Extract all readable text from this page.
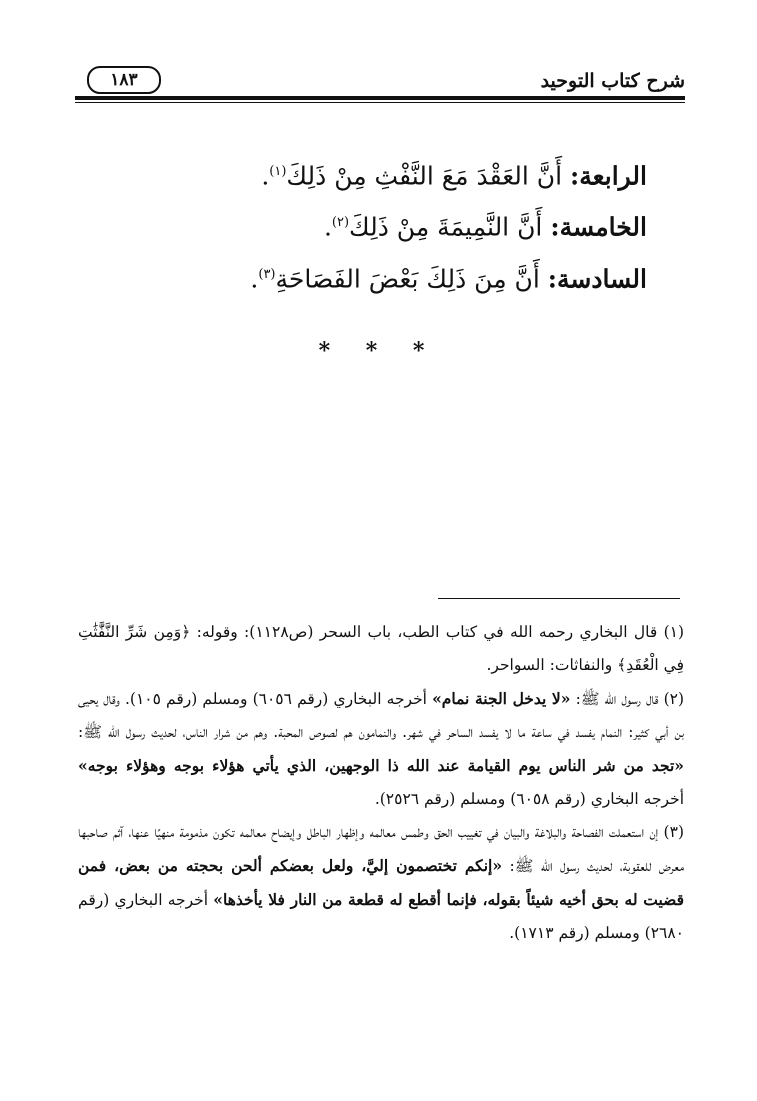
شرح كتاب التوحيد
١٨٣
الرابعة: أَنَّ العَقْدَ مَعَ النَّفْثِ مِنْ ذَلِكَ$^{(١)}$.
الخامسة: أَنَّ النَّمِيمَةَ مِنْ ذَلِكَ$^{(٢)}$.
السادسة: أَنَّ مِنَ ذَلِكَ بَعْضَ الفَصَاحَةِ$^{(٣)}$.
* * *
(١) قال البخاري رحمه الله في كتاب الطب، باب السحر (ص١١٢٨): وقوله: ﴿وَمِن شَرِّ النَّفَّٰثَٰتِ فِي الْعُقَدِ﴾ والنفاثات: السواحر.
(٢) قال رسول الله ﷺ: «لا يدخل الجنة نمام» أخرجه البخاري (رقم ٦٠٥٦) ومسلم (رقم ١٠٥). وقال يحيى بن أبي كثير: النمام يفسد في ساعة ما لا يفسد الساحر في شهر. والنمامون هم لصوص المحبة. وهم من شرار الناس، لحديث رسول الله ﷺ: «تجد من شر الناس يوم القيامة عند الله ذا الوجهين، الذي يأتي هؤلاء بوجه وهؤلاء بوجه» أخرجه البخاري (رقم ٦٠٥٨) ومسلم (رقم ٢٥٢٦).
(٣) إن استعملت الفصاحة والبلاغة والبيان في تغييب الحق وطمس معالمه وإظهار الباطل وإيضاح معالمه تكون مذمومة منهيًا عنها، آثم صاحبها معرض للعقوبة، لحديث رسول الله ﷺ: «إنكم تختصمون إليَّ، ولعل بعضكم ألحن بحجته من بعض، فمن قضيت له بحق أخيه شيئاً بقوله، فإنما أقطع له قطعة من النار فلا يأخذها» أخرجه البخاري (رقم ٢٦٨٠) ومسلم (رقم ١٧١٣).
